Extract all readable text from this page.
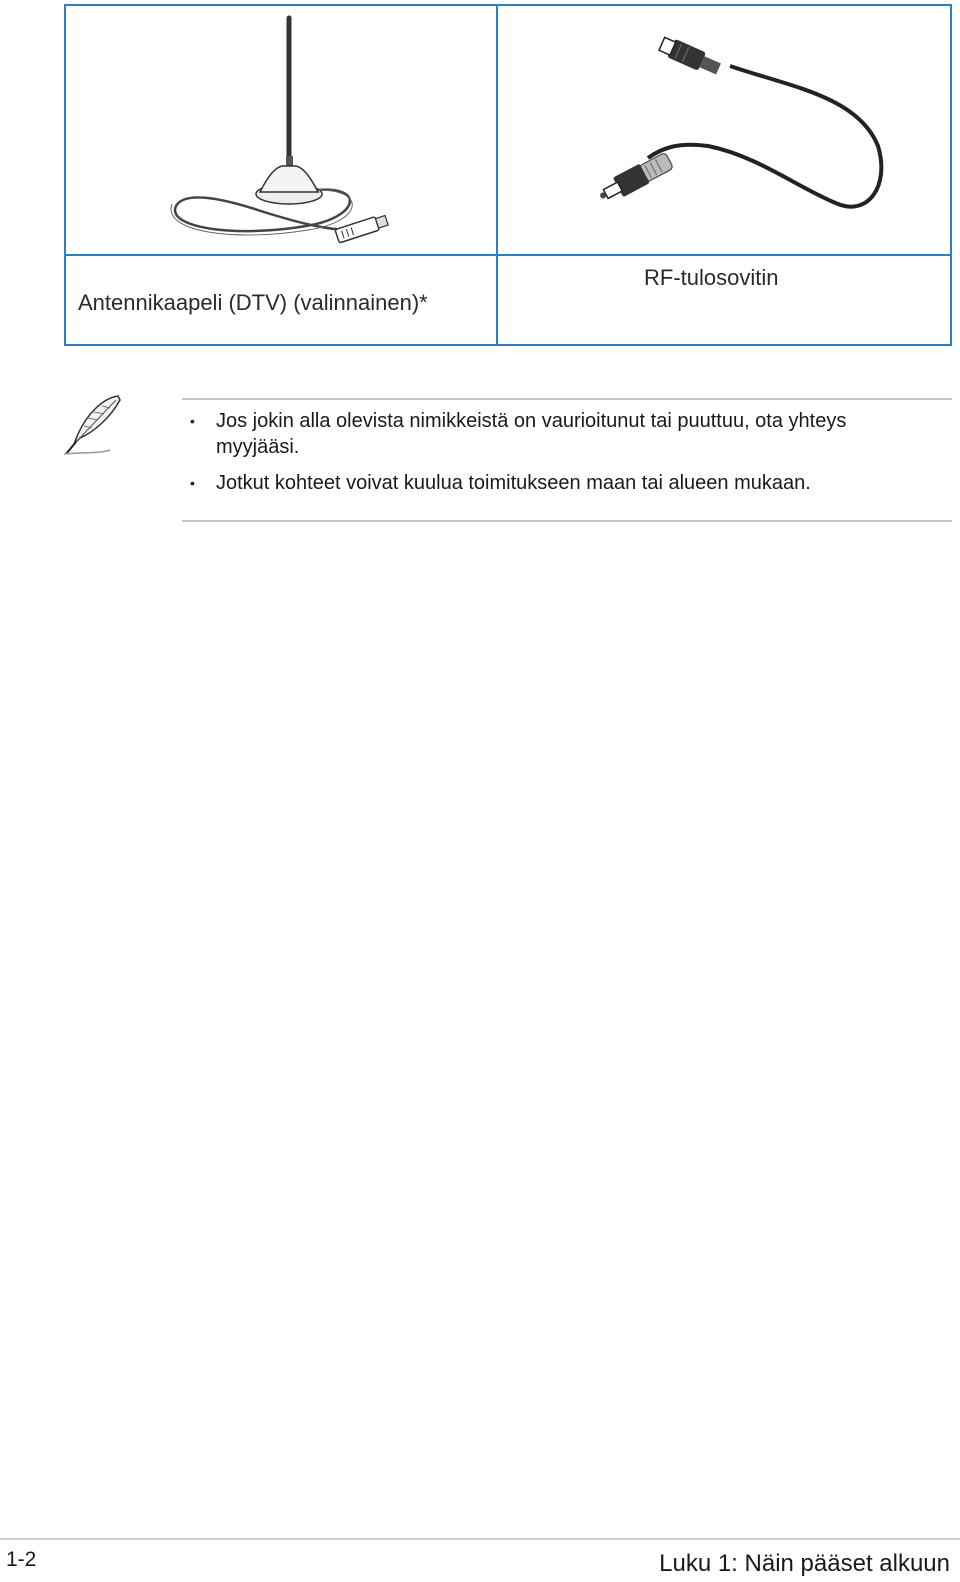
Antennikaapeli (DTV) (valinnainen)*
RF-tulosovitin
• Jos jokin alla olevista nimikkeistä on vaurioitunut tai puuttuu, ota yhteys myyjääsi.
• Jotkut kohteet voivat kuulua toimitukseen maan tai alueen mukaan.
1-2	Luku 1: Näin pääset alkuun
